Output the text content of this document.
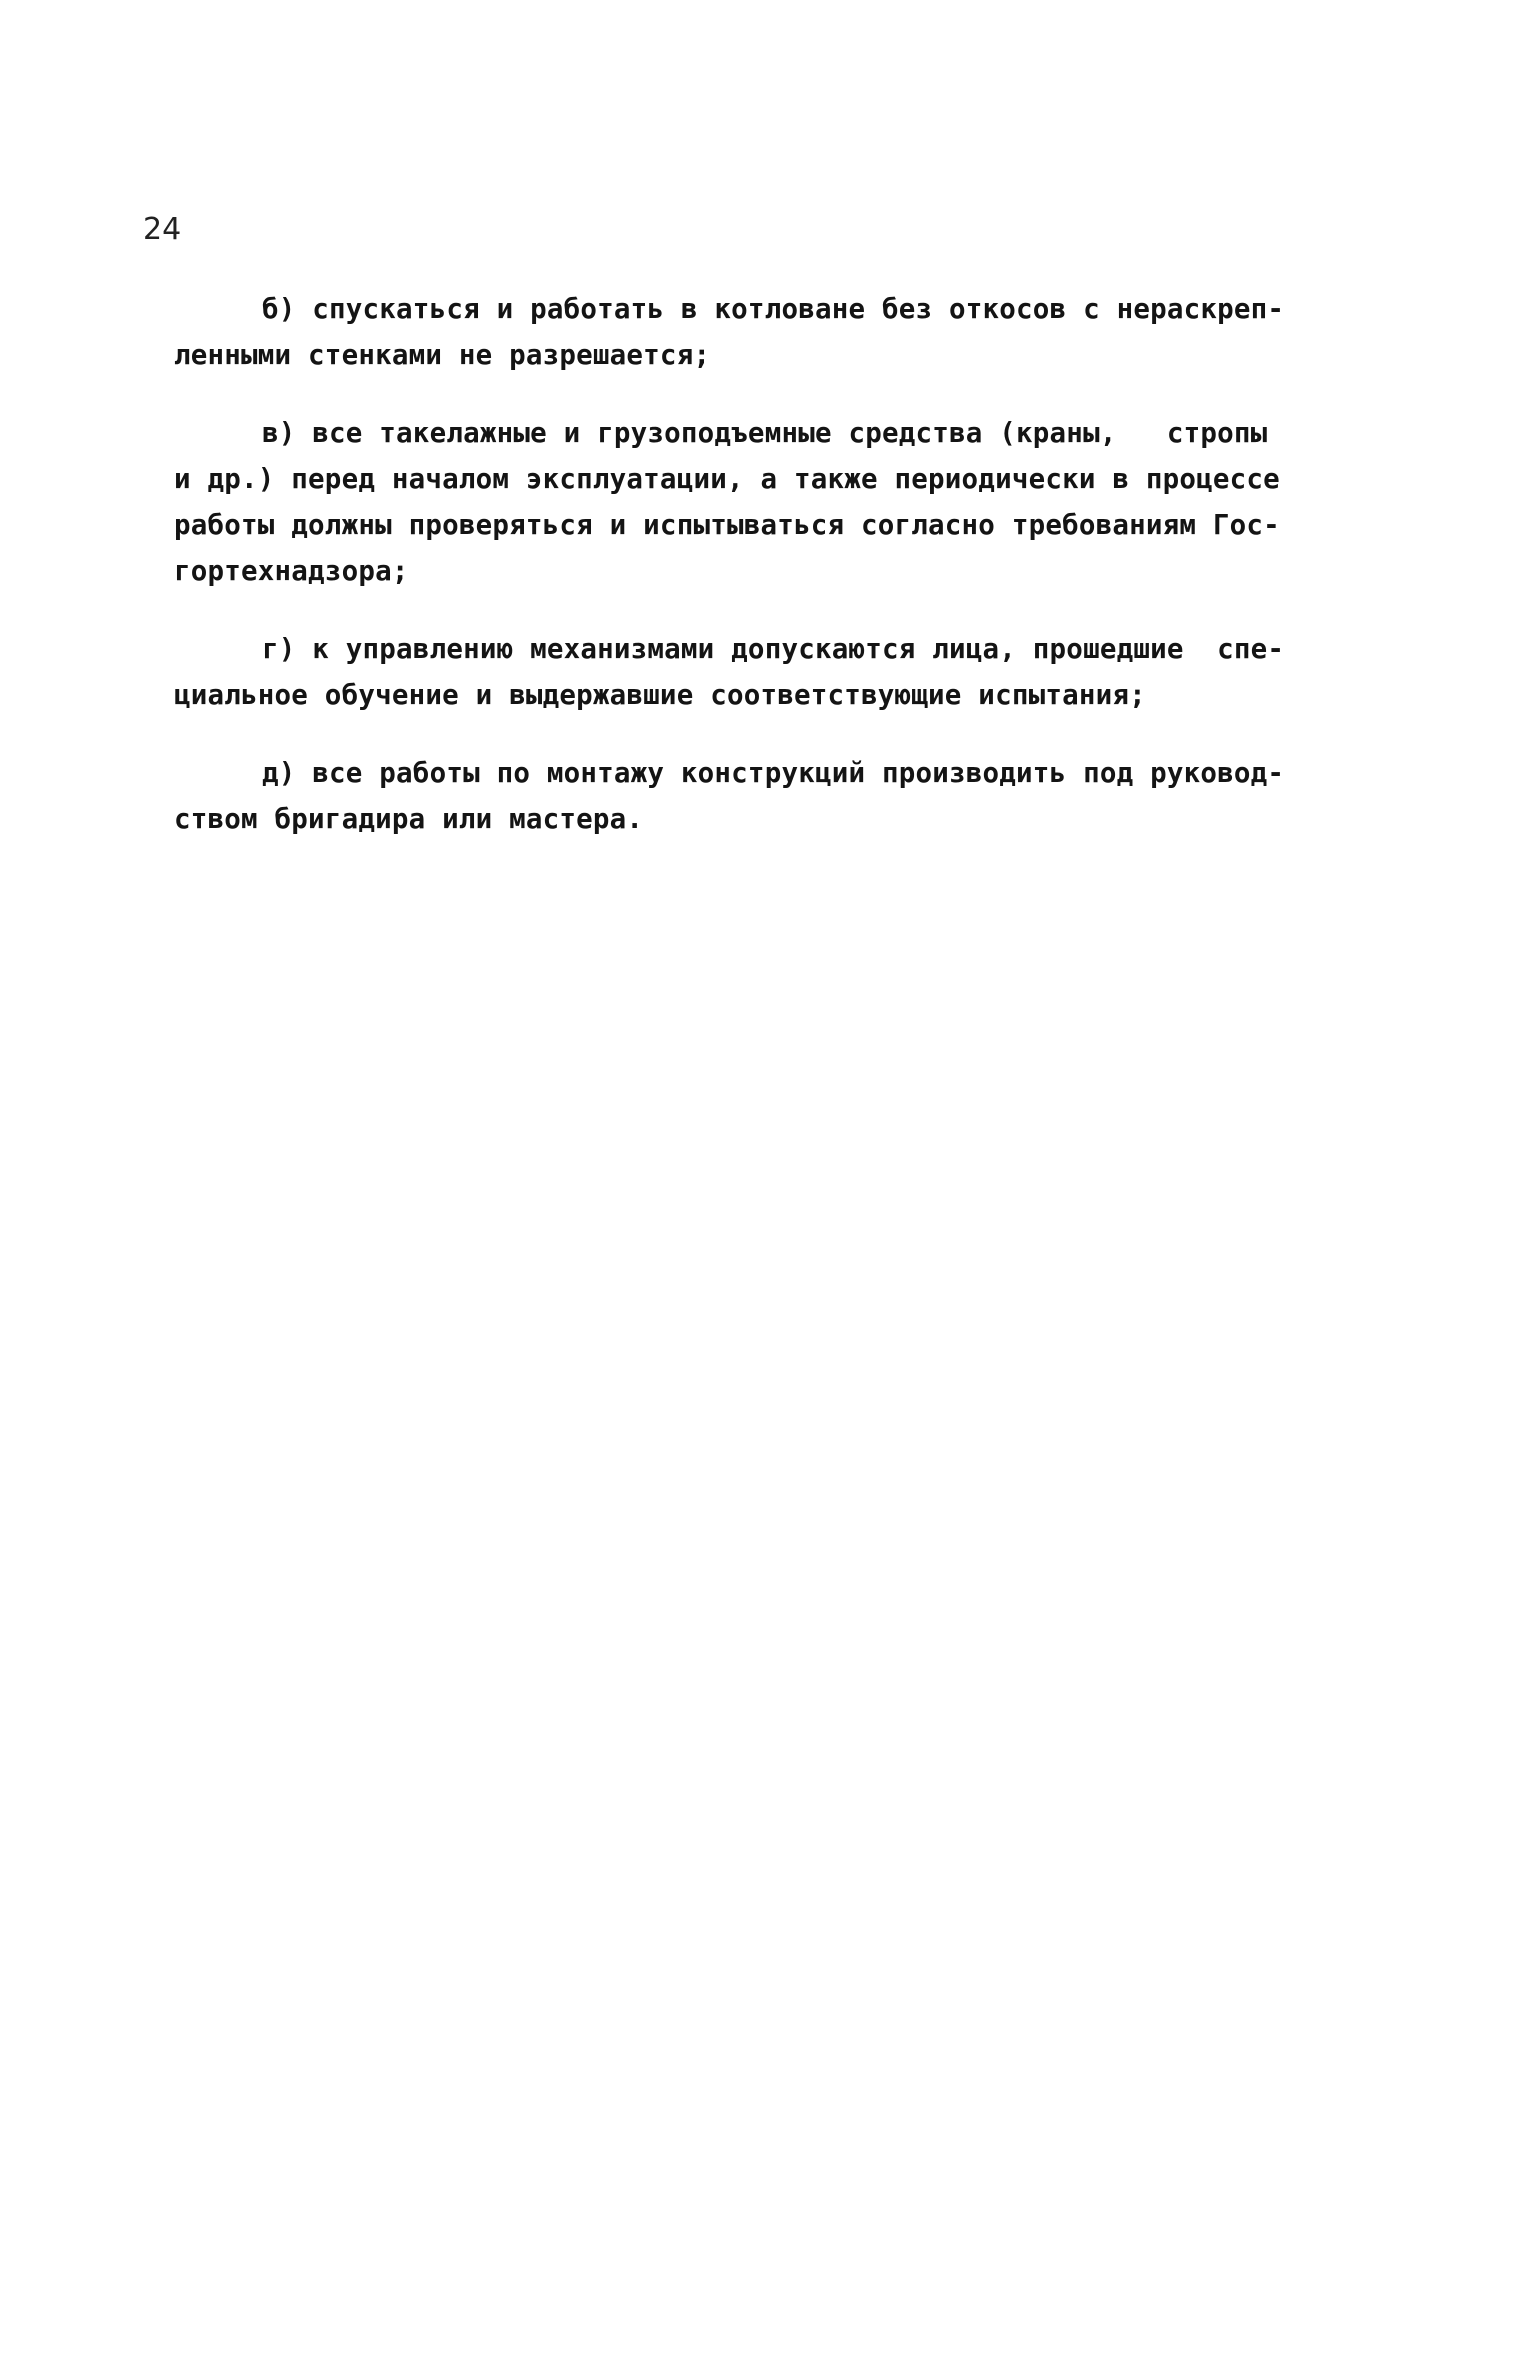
24
б) спускаться и работать в котловане без откосов с нераскреп-
ленными стенками не разрешается;
в) все такелажные и грузоподъемные средства (краны,   стропы
и др.) перед началом эксплуатации, а также периодически в процессе
работы должны проверяться и испытываться согласно требованиям Гос-
гортехнадзора;
г) к управлению механизмами допускаются лица, прошедшие  спе-
циальное обучение и выдержавшие соответствующие испытания;
д) все работы по монтажу конструкций производить под руковод-
ством бригадира или мастера.
